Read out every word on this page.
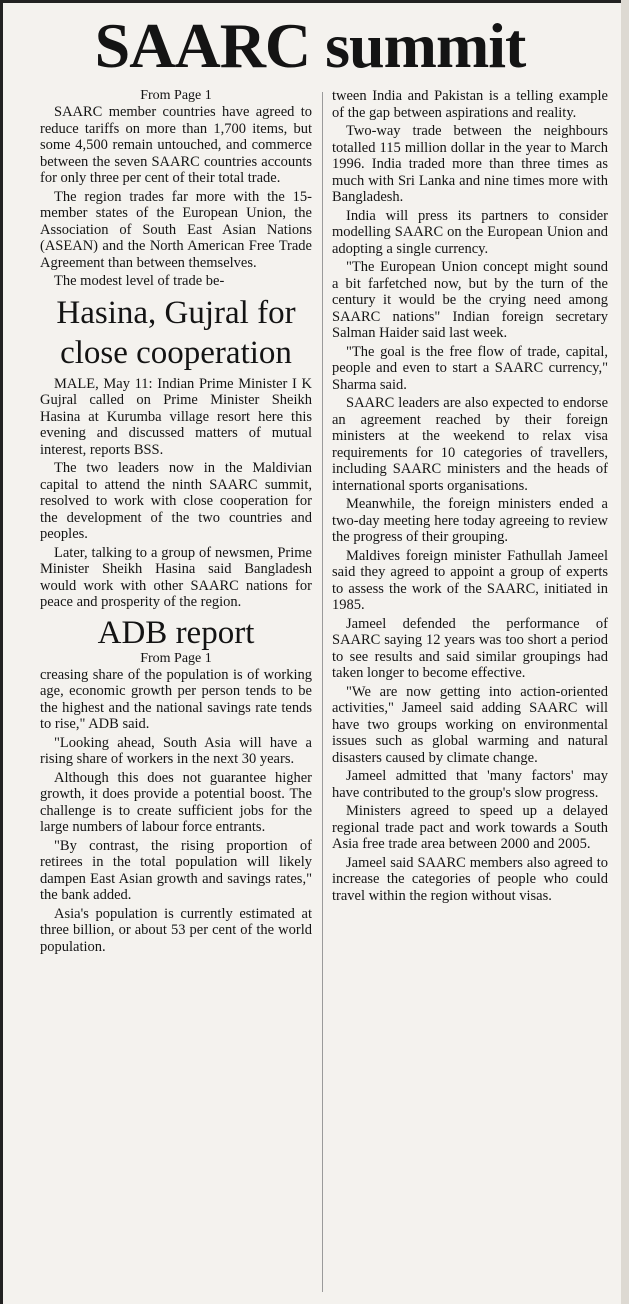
SAARC summit
From Page 1

SAARC member countries have agreed to reduce tariffs on more than 1,700 items, but some 4,500 remain untouched, and commerce between the seven SAARC countries accounts for only three per cent of their total trade.

The region trades far more with the 15-member states of the European Union, the Association of South East Asian Nations (ASEAN) and the North American Free Trade Agreement than between themselves.

The modest level of trade be-

Hasina, Gujral for close cooperation

MALE, May 11: Indian Prime Minister I K Gujral called on Prime Minister Sheikh Hasina at Kurumba village resort here this evening and discussed matters of mutual interest, reports BSS.

The two leaders now in the Maldivian capital to attend the ninth SAARC summit, resolved to work with close cooperation for the development of the two countries and peoples.

Later, talking to a group of newsmen, Prime Minister Sheikh Hasina said Bangladesh would work with other SAARC nations for peace and prosperity of the region.

ADB report
From Page 1

creasing share of the population is of working age, economic growth per person tends to be the highest and the national savings rate tends to rise," ADB said.

"Looking ahead, South Asia will have a rising share of workers in the next 30 years.

Although this does not guarantee higher growth, it does provide a potential boost. The challenge is to create sufficient jobs for the large numbers of labour force entrants.

"By contrast, the rising proportion of retirees in the total population will likely dampen East Asian growth and savings rates," the bank added.

Asia's population is currently estimated at three billion, or about 53 per cent of the world population.

tween India and Pakistan is a telling example of the gap between aspirations and reality.

Two-way trade between the neighbours totalled 115 million dollar in the year to March 1996. India traded more than three times as much with Sri Lanka and nine times more with Bangladesh.

India will press its partners to consider modelling SAARC on the European Union and adopting a single currency.

"The European Union concept might sound a bit farfetched now, but by the turn of the century it would be the crying need among SAARC nations" Indian foreign secretary Salman Haider said last week.

"The goal is the free flow of trade, capital, people and even to start a SAARC currency," Sharma said.

SAARC leaders are also expected to endorse an agreement reached by their foreign ministers at the weekend to relax visa requirements for 10 categories of travellers, including SAARC ministers and the heads of international sports organisations.

Meanwhile, the foreign ministers ended a two-day meeting here today agreeing to review the progress of their grouping.

Maldives foreign minister Fathullah Jameel said they agreed to appoint a group of experts to assess the work of the SAARC, initiated in 1985.

Jameel defended the performance of SAARC saying 12 years was too short a period to see results and said similar groupings had taken longer to become effective.

"We are now getting into action-oriented activities," Jameel said adding SAARC will have two groups working on environmental issues such as global warming and natural disasters caused by climate change.

Jameel admitted that 'many factors' may have contributed to the group's slow progress.

Ministers agreed to speed up a delayed regional trade pact and work towards a South Asia free trade area between 2000 and 2005.

Jameel said SAARC members also agreed to increase the categories of people who could travel within the region without visas.
